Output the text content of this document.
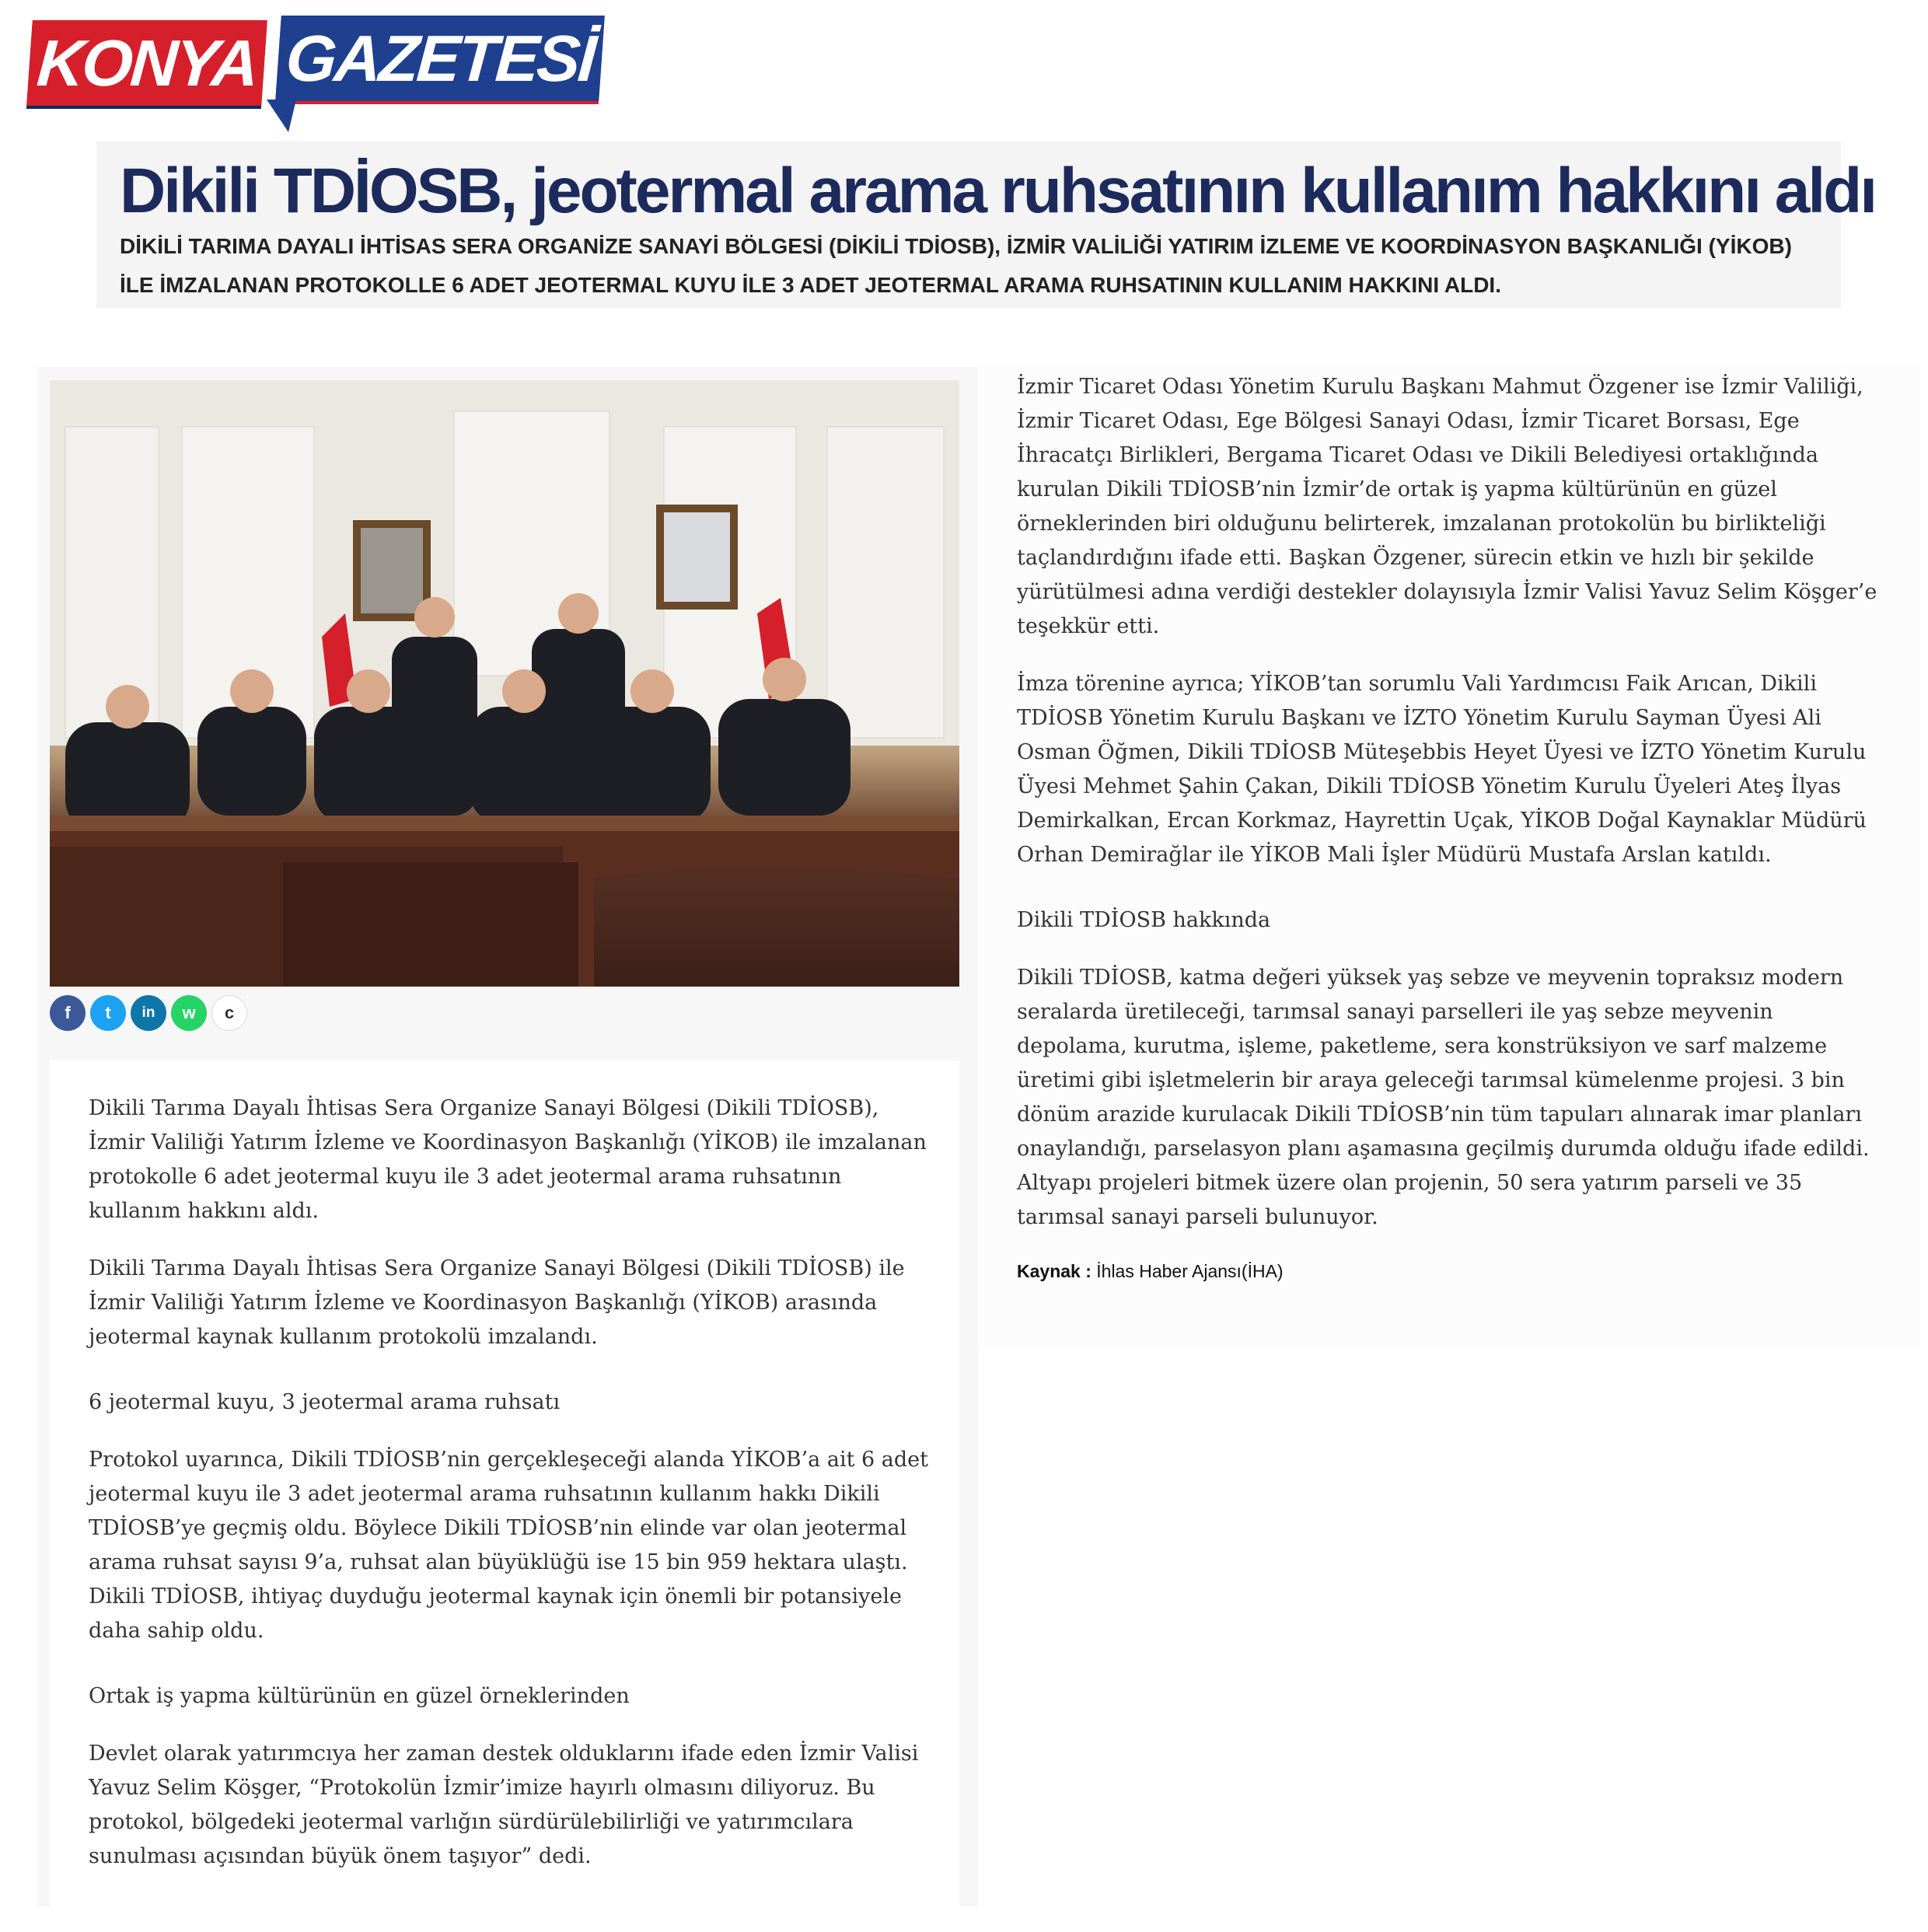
KONYA GAZETESİ
Dikili TDİOSB, jeotermal arama ruhsatının kullanım hakkını aldı

DİKİLİ TARIMA DAYALI İHTİSAS SERA ORGANİZE SANAYİ BÖLGESİ (DİKİLİ TDİOSB), İZMİR VALİLİĞİ YATIRIM İZLEME VE KOORDİNASYON BAŞKANLIĞI (YİKOB) İLE İMZALANAN PROTOKOLLE 6 ADET JEOTERMAL KUYU İLE 3 ADET JEOTERMAL ARAMA RUHSATININ KULLANIM HAKKINI ALDI.

f	t	in	w	c

Dikili Tarıma Dayalı İhtisas Sera Organize Sanayi Bölgesi (Dikili TDİOSB), İzmir Valiliği Yatırım İzleme ve Koordinasyon Başkanlığı (YİKOB) ile imzalanan protokolle 6 adet jeotermal kuyu ile 3 adet jeotermal arama ruhsatının kullanım hakkını aldı.

Dikili Tarıma Dayalı İhtisas Sera Organize Sanayi Bölgesi (Dikili TDİOSB) ile İzmir Valiliği Yatırım İzleme ve Koordinasyon Başkanlığı (YİKOB) arasında jeotermal kaynak kullanım protokolü imzalandı.

6 jeotermal kuyu, 3 jeotermal arama ruhsatı

Protokol uyarınca, Dikili TDİOSB’nin gerçekleşeceği alanda YİKOB’a ait 6 adet jeotermal kuyu ile 3 adet jeotermal arama ruhsatının kullanım hakkı Dikili TDİOSB’ye geçmiş oldu. Böylece Dikili TDİOSB’nin elinde var olan jeotermal arama ruhsat sayısı 9’a, ruhsat alan büyüklüğü ise 15 bin 959 hektara ulaştı. Dikili TDİOSB, ihtiyaç duyduğu jeotermal kaynak için önemli bir potansiyele daha sahip oldu.

Ortak iş yapma kültürünün en güzel örneklerinden

Devlet olarak yatırımcıya her zaman destek olduklarını ifade eden İzmir Valisi Yavuz Selim Köşger, “Protokolün İzmir’imize hayırlı olmasını diliyoruz. Bu protokol, bölgedeki jeotermal varlığın sürdürülebilirliği ve yatırımcılara sunulması açısından büyük önem taşıyor” dedi.

İzmir Ticaret Odası Yönetim Kurulu Başkanı Mahmut Özgener ise İzmir Valiliği, İzmir Ticaret Odası, Ege Bölgesi Sanayi Odası, İzmir Ticaret Borsası, Ege İhracatçı Birlikleri, Bergama Ticaret Odası ve Dikili Belediyesi ortaklığında kurulan Dikili TDİOSB’nin İzmir’de ortak iş yapma kültürünün en güzel örneklerinden biri olduğunu belirterek, imzalanan protokolün bu birlikteliği taçlandırdığını ifade etti. Başkan Özgener, sürecin etkin ve hızlı bir şekilde yürütülmesi adına verdiği destekler dolayısıyla İzmir Valisi Yavuz Selim Köşger’e teşekkür etti.

İmza törenine ayrıca; YİKOB’tan sorumlu Vali Yardımcısı Faik Arıcan, Dikili TDİOSB Yönetim Kurulu Başkanı ve İZTO Yönetim Kurulu Sayman Üyesi Ali Osman Öğmen, Dikili TDİOSB Müteşebbis Heyet Üyesi ve İZTO Yönetim Kurulu Üyesi Mehmet Şahin Çakan, Dikili TDİOSB Yönetim Kurulu Üyeleri Ateş İlyas Demirkalkan, Ercan Korkmaz, Hayrettin Uçak, YİKOB Doğal Kaynaklar Müdürü Orhan Demirağlar ile YİKOB Mali İşler Müdürü Mustafa Arslan katıldı.

Dikili TDİOSB hakkında

Dikili TDİOSB, katma değeri yüksek yaş sebze ve meyvenin topraksız modern seralarda üretileceği, tarımsal sanayi parselleri ile yaş sebze meyvenin depolama, kurutma, işleme, paketleme, sera konstrüksiyon ve sarf malzeme üretimi gibi işletmelerin bir araya geleceği tarımsal kümelenme projesi. 3 bin dönüm arazide kurulacak Dikili TDİOSB’nin tüm tapuları alınarak imar planları onaylandığı, parselasyon planı aşamasına geçilmiş durumda olduğu ifade edildi. Altyapı projeleri bitmek üzere olan projenin, 50 sera yatırım parseli ve 35 tarımsal sanayi parseli bulunuyor.

Kaynak : İhlas Haber Ajansı(İHA)
